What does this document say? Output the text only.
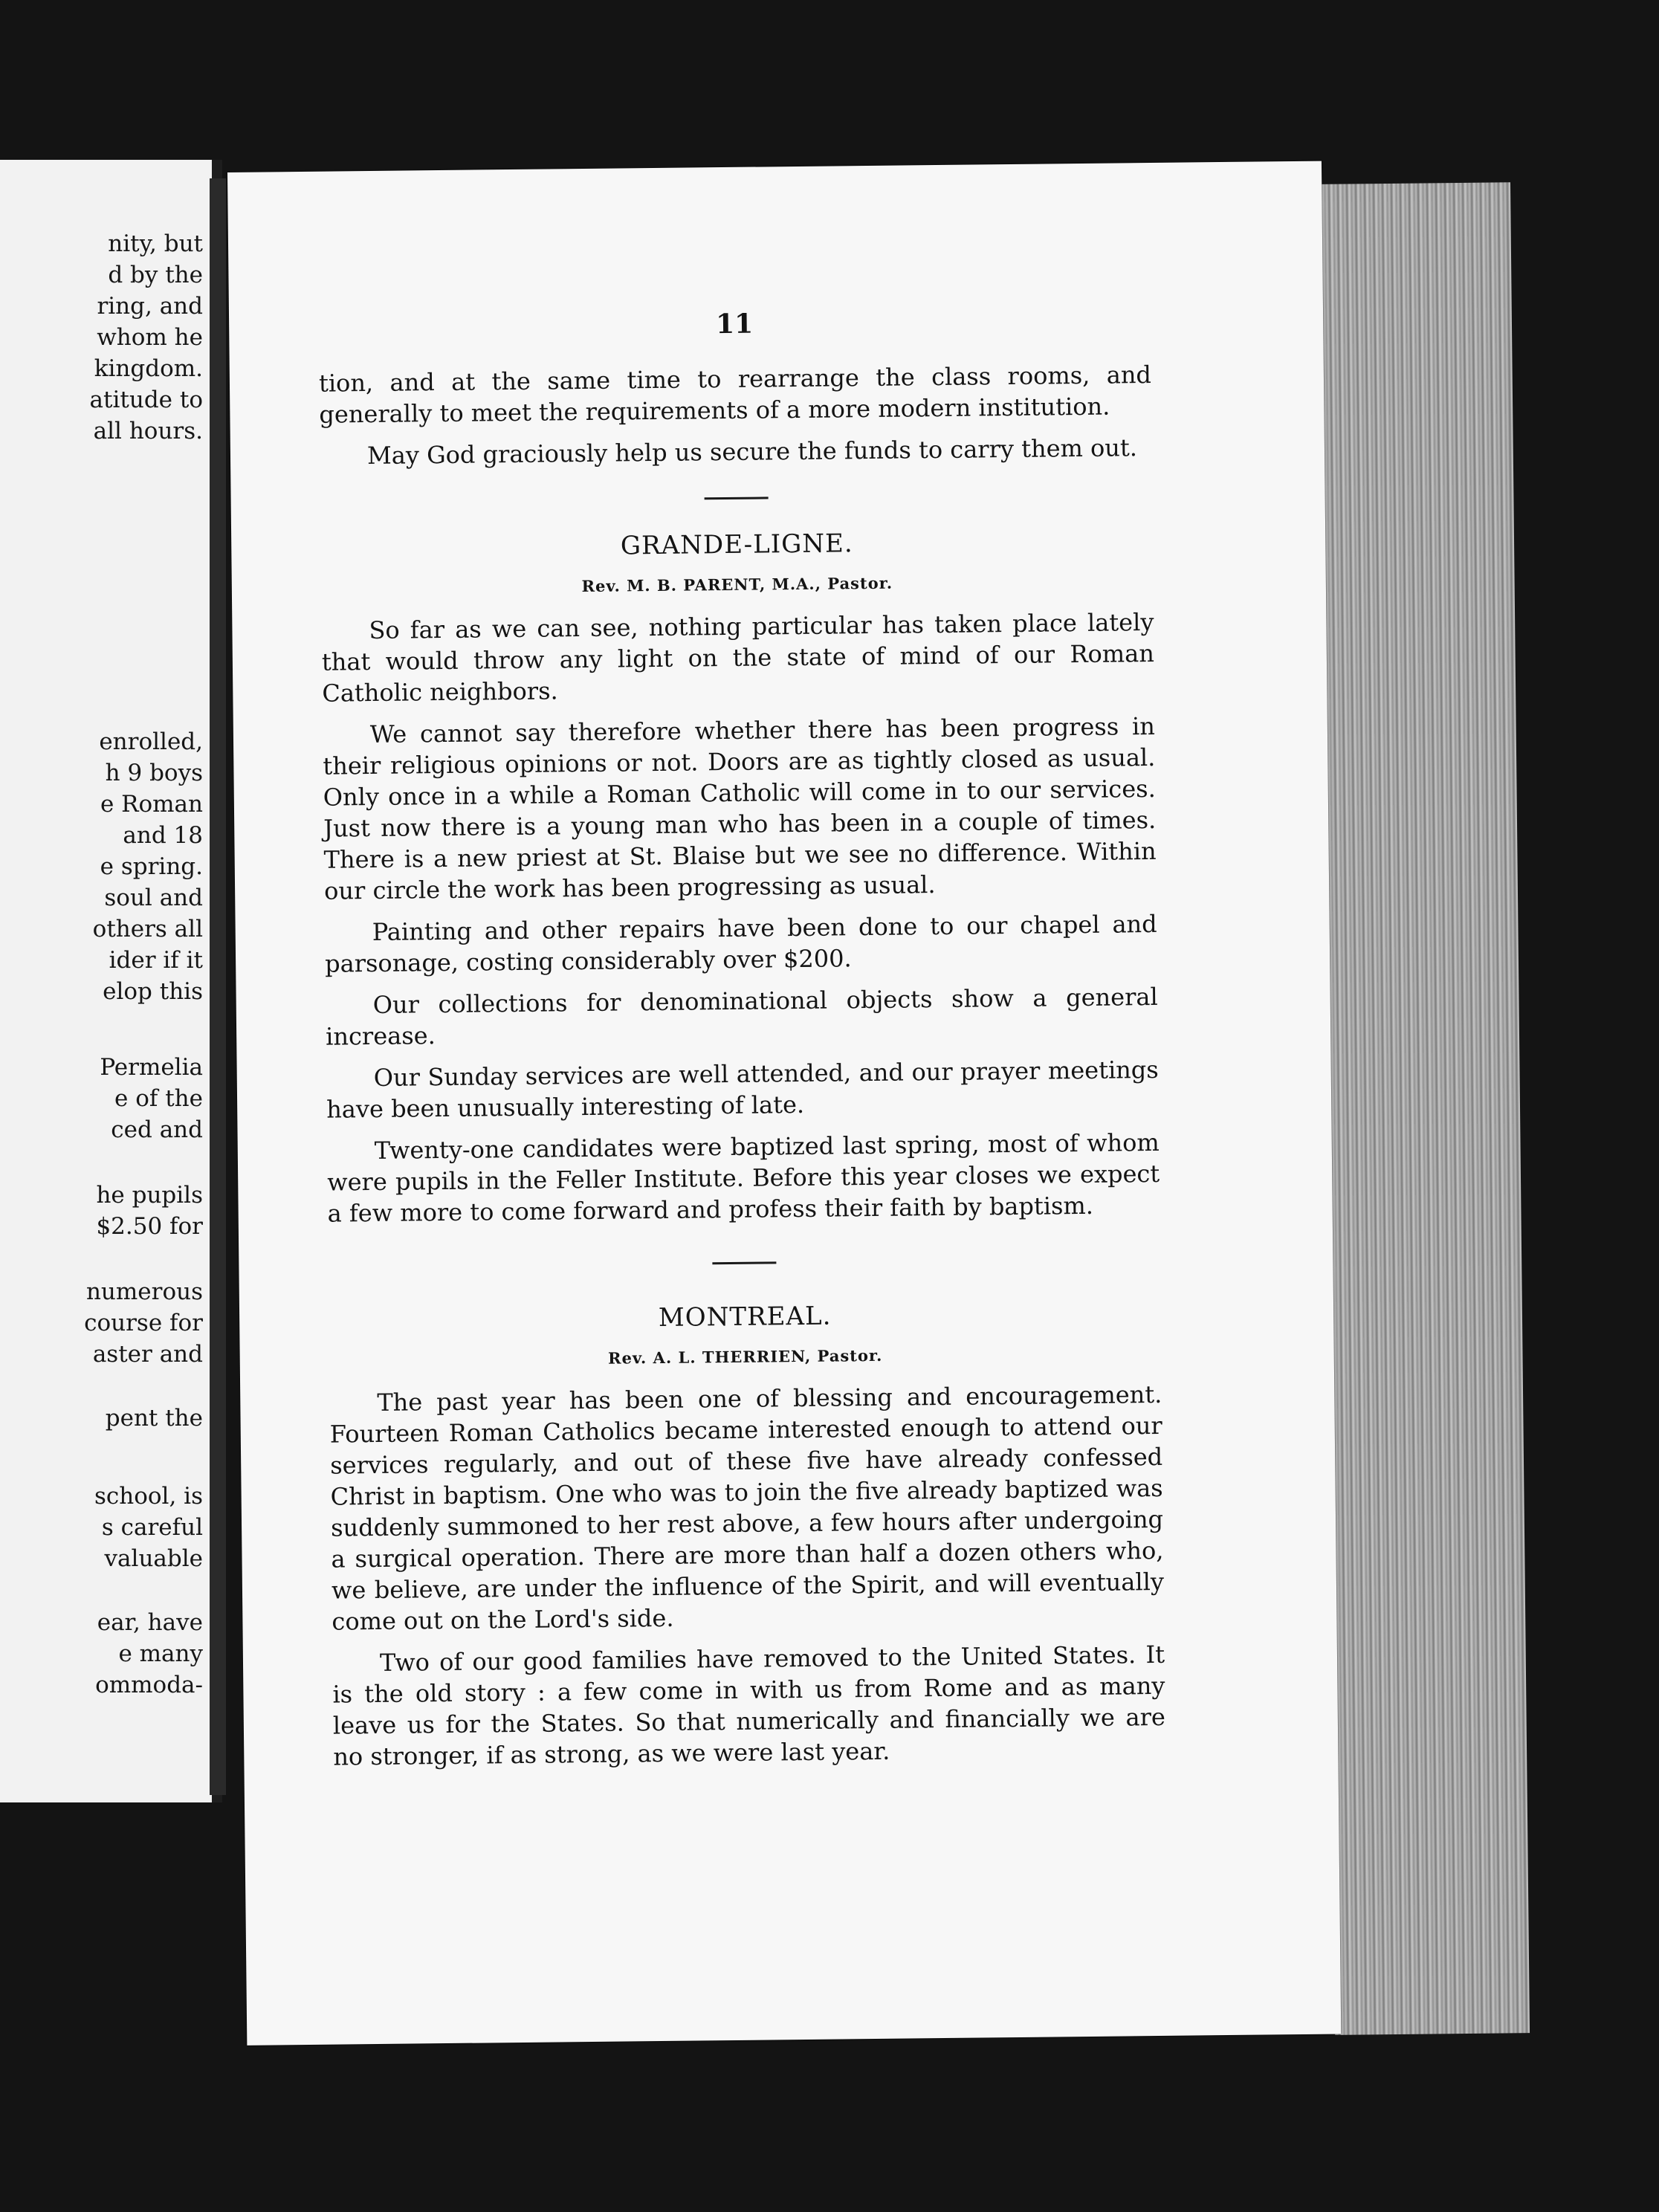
nity, but
d by the
ring, and
whom he
kingdom.
atitude to
all hours.
enrolled,
h 9 boys
e Roman
and 18
e spring.
soul and
others all
ider if it
elop this
Permelia
e of the
ced and
he pupils
$2.50 for
numerous
course for
aster and
pent the
school, is
s careful
valuable
ear, have
e many
ommoda-
11

tion, and at the same time to rearrange the class rooms, and generally to meet the requirements of a more modern institution.

May God graciously help us secure the funds to carry them out.

GRANDE-LIGNE.
Rev. M. B. PARENT, M.A., Pastor.

So far as we can see, nothing particular has taken place lately that would throw any light on the state of mind of our Roman Catholic neighbors.

We cannot say therefore whether there has been progress in their religious opinions or not. Doors are as tightly closed as usual. Only once in a while a Roman Catholic will come in to our services. Just now there is a young man who has been in a couple of times. There is a new priest at St. Blaise but we see no difference. Within our circle the work has been progressing as usual.

Painting and other repairs have been done to our chapel and parsonage, costing considerably over $200.

Our collections for denominational objects show a general increase.

Our Sunday services are well attended, and our prayer meetings have been unusually interesting of late.

Twenty-one candidates were baptized last spring, most of whom were pupils in the Feller Institute. Before this year closes we expect a few more to come forward and profess their faith by baptism.

MONTREAL.
Rev. A. L. THERRIEN, Pastor.

The past year has been one of blessing and encouragement. Fourteen Roman Catholics became interested enough to attend our services regularly, and out of these five have already confessed Christ in baptism. One who was to join the five already baptized was suddenly summoned to her rest above, a few hours after undergoing a surgical operation. There are more than half a dozen others who, we believe, are under the influence of the Spirit, and will eventually come out on the Lord's side.

Two of our good families have removed to the United States. It is the old story : a few come in with us from Rome and as many leave us for the States. So that numerically and financially we are no stronger, if as strong, as we were last year.
